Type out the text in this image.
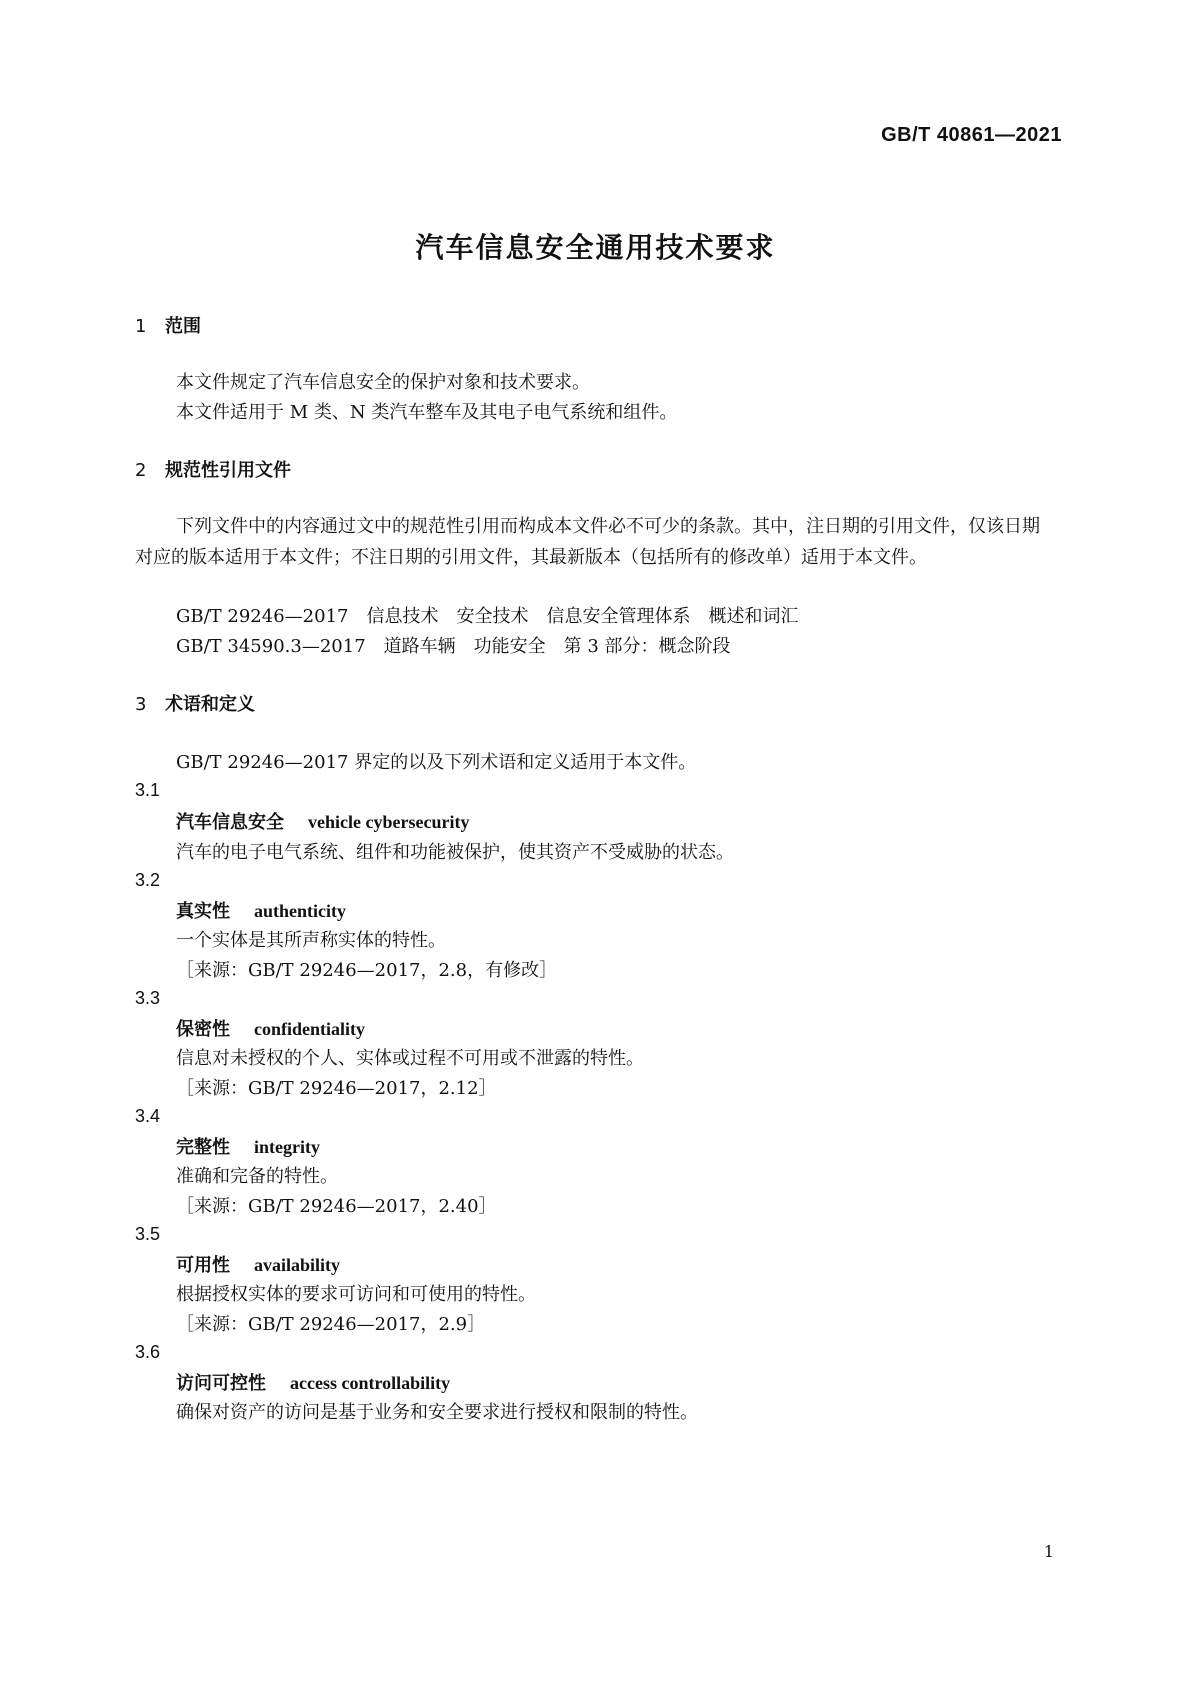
GB/T 40861—2021
汽车信息安全通用技术要求
1 范围
本文件规定了汽车信息安全的保护对象和技术要求。
本文件适用于 M 类、N 类汽车整车及其电子电气系统和组件。
2 规范性引用文件
下列文件中的内容通过文中的规范性引用而构成本文件必不可少的条款。其中，注日期的引用文件，仅该日期对应的版本适用于本文件；不注日期的引用文件，其最新版本（包括所有的修改单）适用于本文件。
GB/T 29246—2017　信息技术　安全技术　信息安全管理体系　概述和词汇
GB/T 34590.3—2017　道路车辆　功能安全　第 3 部分：概念阶段
3 术语和定义
GB/T 29246—2017 界定的以及下列术语和定义适用于本文件。
3.1
汽车信息安全 vehicle cybersecurity
汽车的电子电气系统、组件和功能被保护，使其资产不受威胁的状态。
3.2
真实性 authenticity
一个实体是其所声称实体的特性。
［来源：GB/T 29246—2017，2.8，有修改］
3.3
保密性 confidentiality
信息对未授权的个人、实体或过程不可用或不泄露的特性。
［来源：GB/T 29246—2017，2.12］
3.4
完整性 integrity
准确和完备的特性。
［来源：GB/T 29246—2017，2.40］
3.5
可用性 availability
根据授权实体的要求可访问和可使用的特性。
［来源：GB/T 29246—2017，2.9］
3.6
访问可控性 access controllability
确保对资产的访问是基于业务和安全要求进行授权和限制的特性。
1
